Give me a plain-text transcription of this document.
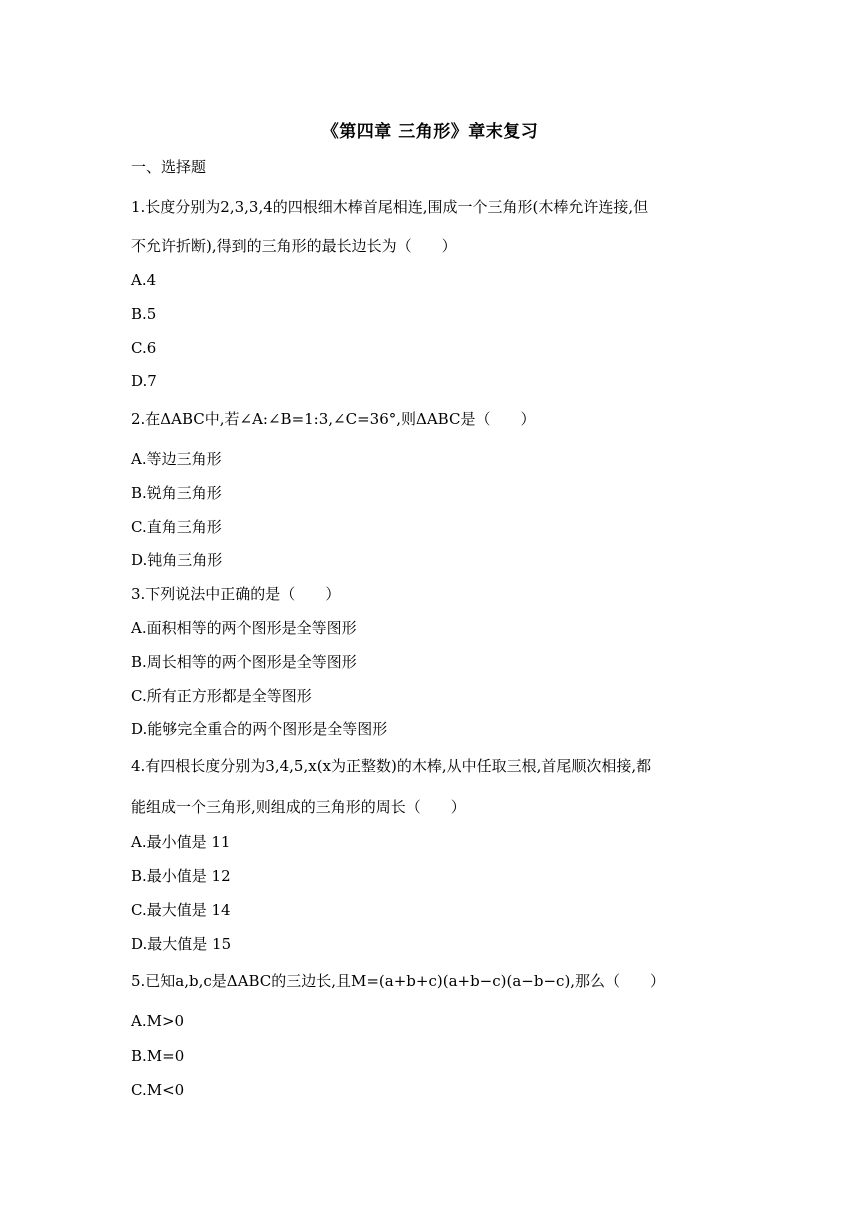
《第四章 三角形》章末复习
一、选择题
1.长度分别为2,3,3,4的四根细木棒首尾相连,围成一个三角形(木棒允许连接,但
不允许折断),得到的三角形的最长边长为（　　）
A.4
B.5
C.6
D.7
2.在ΔABC中,若∠A:∠B=1:3,∠C=36°,则ΔABC是（　　）
A.等边三角形
B.锐角三角形
C.直角三角形
D.钝角三角形
3.下列说法中正确的是（　　）
A.面积相等的两个图形是全等图形
B.周长相等的两个图形是全等图形
C.所有正方形都是全等图形
D.能够完全重合的两个图形是全等图形
4.有四根长度分别为3,4,5,x(x为正整数)的木棒,从中任取三根,首尾顺次相接,都
能组成一个三角形,则组成的三角形的周长（　　）
A.最小值是 11
B.最小值是 12
C.最大值是 14
D.最大值是 15
5.已知a,b,c是ΔABC的三边长,且M=(a+b+c)(a+b−c)(a−b−c),那么（　　）
A.M>0
B.M=0
C.M<0
